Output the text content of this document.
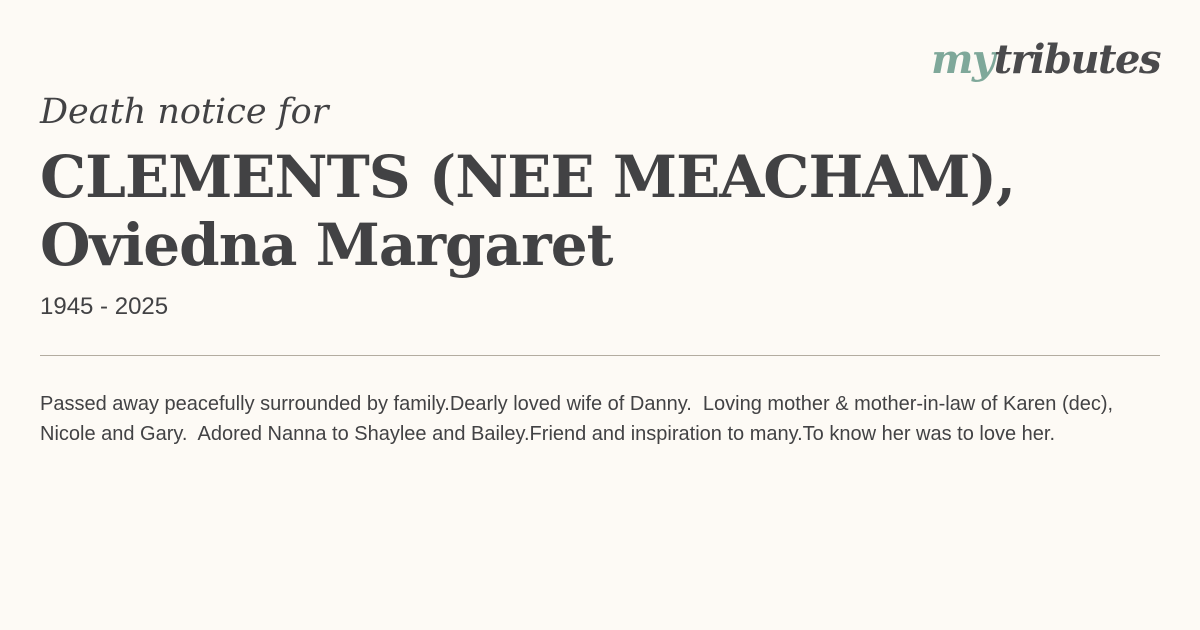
mytributes
Death notice for
CLEMENTS (NEE MEACHAM),
Oviedna Margaret
1945 - 2025
Passed away peacefully surrounded by family.Dearly loved wife of Danny.  Loving mother & mother-in-law of Karen (dec), Nicole and Gary.  Adored Nanna to Shaylee and Bailey.Friend and inspiration to many.To know her was to love her.
